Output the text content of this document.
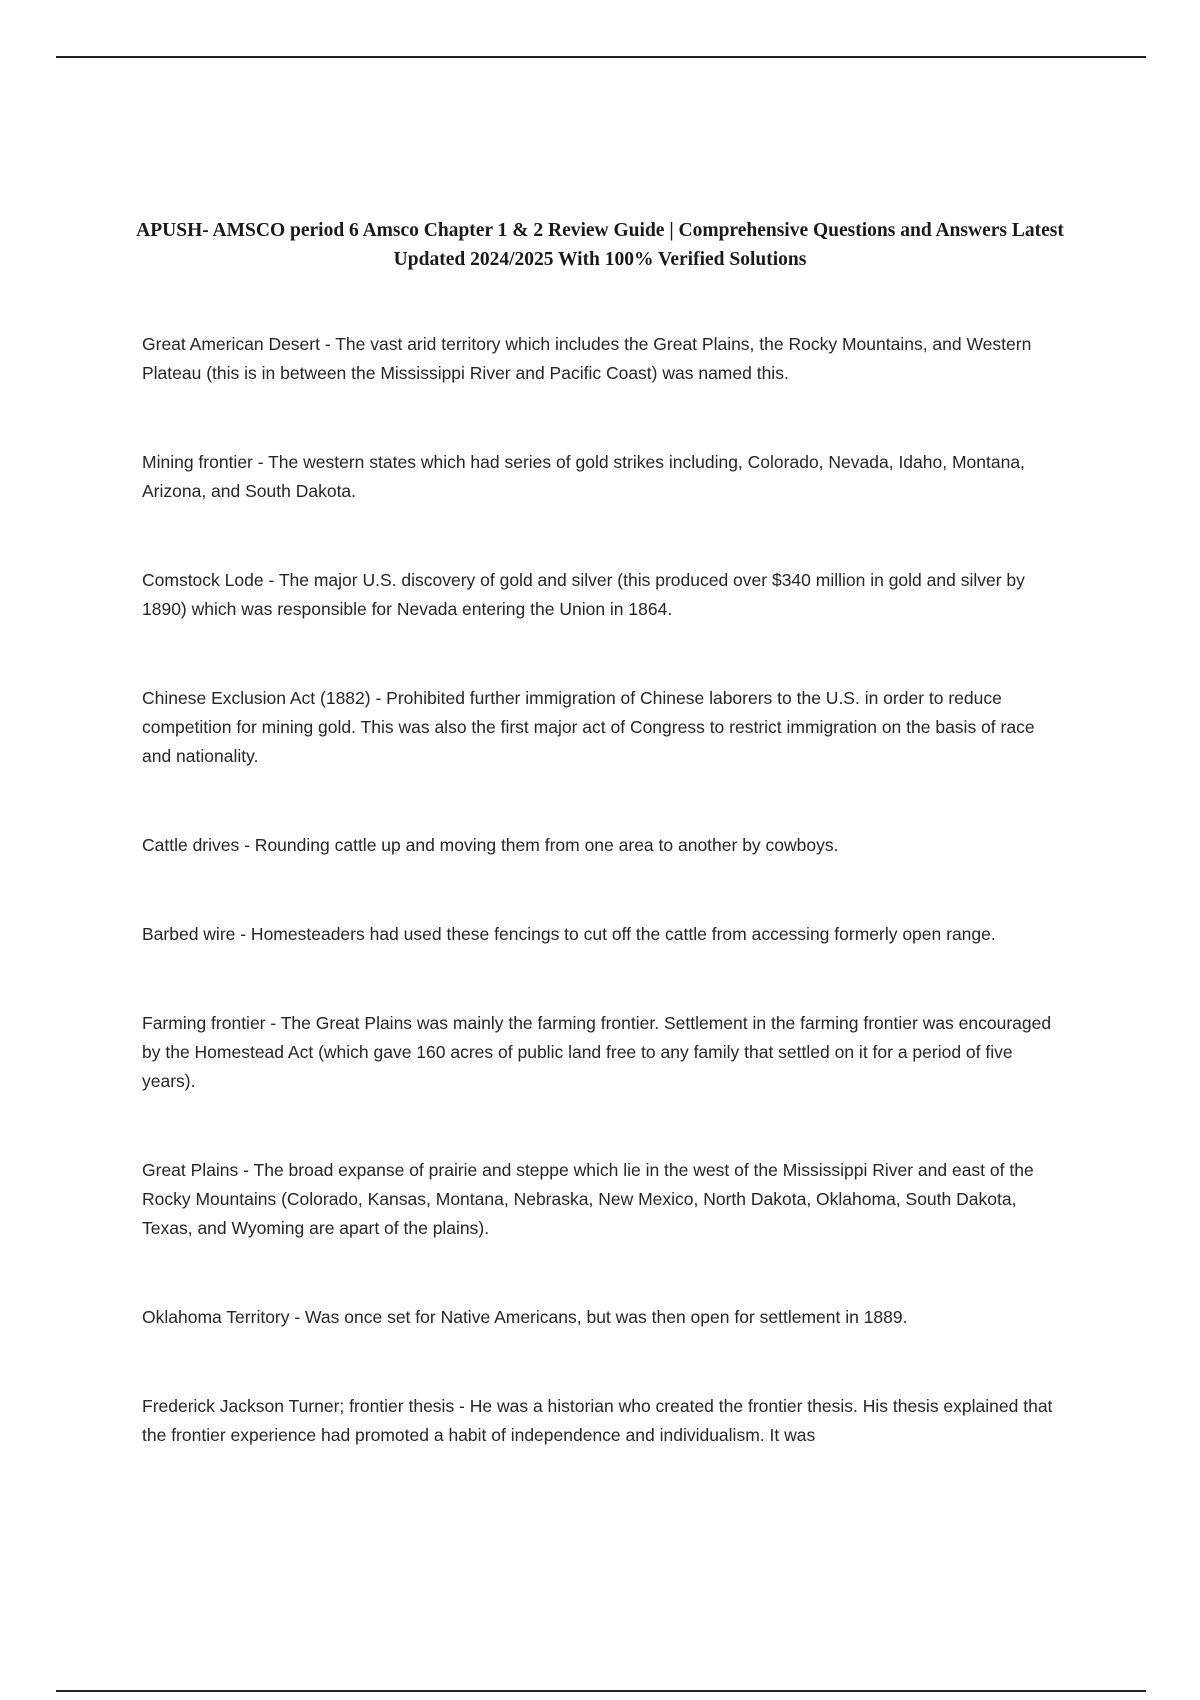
APUSH- AMSCO period 6 Amsco Chapter 1 & 2 Review Guide | Comprehensive Questions and Answers Latest Updated 2024/2025 With 100% Verified Solutions

Great American Desert - The vast arid territory which includes the Great Plains, the Rocky Mountains, and Western Plateau (this is in between the Mississippi River and Pacific Coast) was named this.

Mining frontier - The western states which had series of gold strikes including, Colorado, Nevada, Idaho, Montana, Arizona, and South Dakota.

Comstock Lode - The major U.S. discovery of gold and silver (this produced over $340 million in gold and silver by 1890) which was responsible for Nevada entering the Union in 1864.

Chinese Exclusion Act (1882) - Prohibited further immigration of Chinese laborers to the U.S. in order to reduce competition for mining gold. This was also the first major act of Congress to restrict immigration on the basis of race and nationality.

Cattle drives - Rounding cattle up and moving them from one area to another by cowboys.

Barbed wire - Homesteaders had used these fencings to cut off the cattle from accessing formerly open range.

Farming frontier - The Great Plains was mainly the farming frontier. Settlement in the farming frontier was encouraged by the Homestead Act (which gave 160 acres of public land free to any family that settled on it for a period of five years).

Great Plains - The broad expanse of prairie and steppe which lie in the west of the Mississippi River and east of the Rocky Mountains (Colorado, Kansas, Montana, Nebraska, New Mexico, North Dakota, Oklahoma, South Dakota, Texas, and Wyoming are apart of the plains).

Oklahoma Territory - Was once set for Native Americans, but was then open for settlement in 1889.

Frederick Jackson Turner; frontier thesis - He was a historian who created the frontier thesis. His thesis explained that the frontier experience had promoted a habit of independence and individualism. It was
